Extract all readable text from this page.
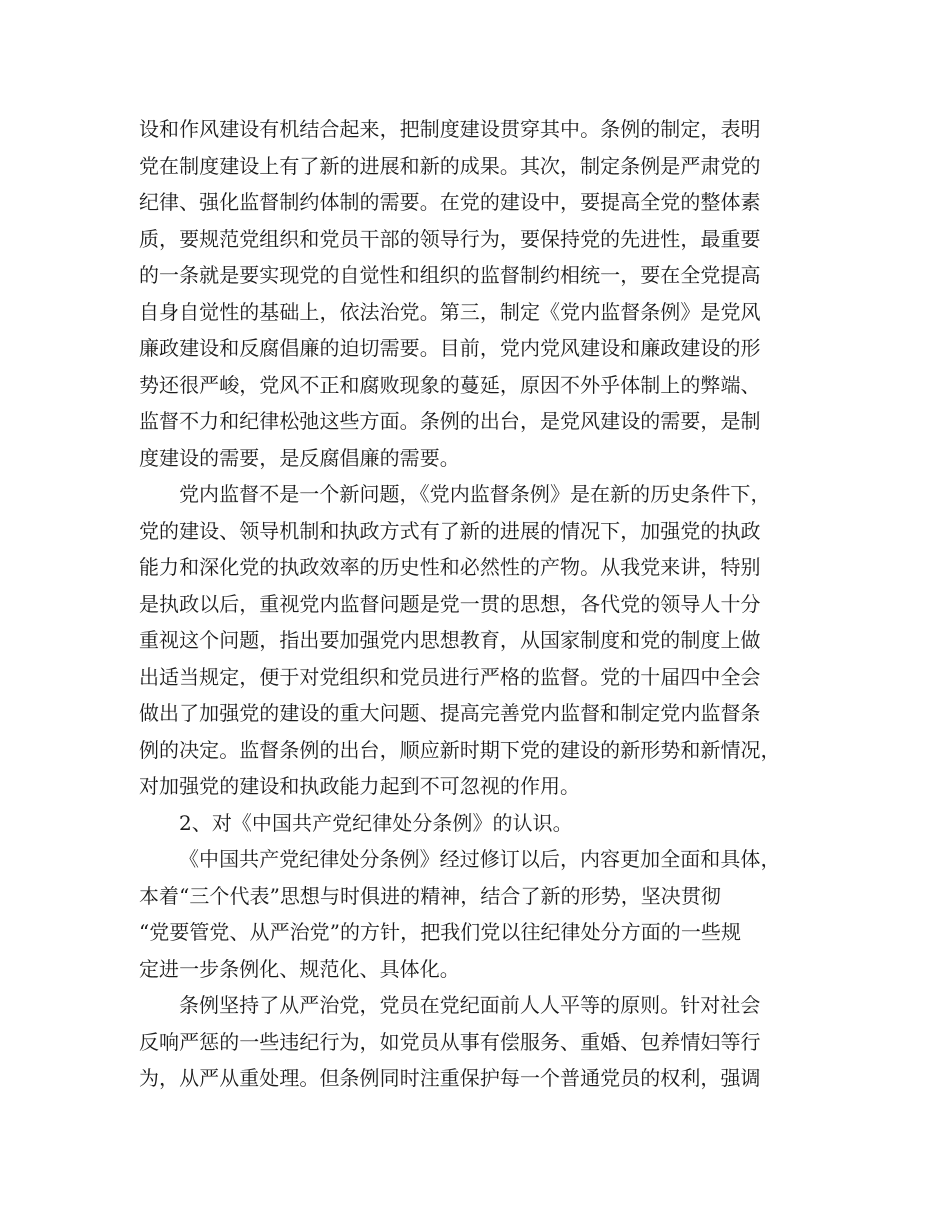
设和作风建设有机结合起来，把制度建设贯穿其中。条例的制定，表明
党在制度建设上有了新的进展和新的成果。其次，制定条例是严肃党的
纪律、强化监督制约体制的需要。在党的建设中，要提高全党的整体素
质，要规范党组织和党员干部的领导行为，要保持党的先进性，最重要
的一条就是要实现党的自觉性和组织的监督制约相统一，要在全党提高
自身自觉性的基础上，依法治党。第三，制定《党内监督条例》是党风
廉政建设和反腐倡廉的迫切需要。目前，党内党风建设和廉政建设的形
势还很严峻，党风不正和腐败现象的蔓延，原因不外乎体制上的弊端、
监督不力和纪律松弛这些方面。条例的出台，是党风建设的需要，是制
度建设的需要，是反腐倡廉的需要。
党内监督不是一个新问题，《党内监督条例》是在新的历史条件下，
党的建设、领导机制和执政方式有了新的进展的情况下，加强党的执政
能力和深化党的执政效率的历史性和必然性的产物。从我党来讲，特别
是执政以后，重视党内监督问题是党一贯的思想，各代党的领导人十分
重视这个问题，指出要加强党内思想教育，从国家制度和党的制度上做
出适当规定，便于对党组织和党员进行严格的监督。党的十届四中全会
做出了加强党的建设的重大问题、提高完善党内监督和制定党内监督条
例的决定。监督条例的出台，顺应新时期下党的建设的新形势和新情况，
对加强党的建设和执政能力起到不可忽视的作用。
2、对《中国共产党纪律处分条例》的认识。
《中国共产党纪律处分条例》经过修订以后，内容更加全面和具体，
本着“三个代表”思想与时俱进的精神，结合了新的形势，坚决贯彻
“党要管党、从严治党”的方针，把我们党以往纪律处分方面的一些规
定进一步条例化、规范化、具体化。
条例坚持了从严治党，党员在党纪面前人人平等的原则。针对社会
反响严惩的一些违纪行为，如党员从事有偿服务、重婚、包养情妇等行
为，从严从重处理。但条例同时注重保护每一个普通党员的权利，强调
